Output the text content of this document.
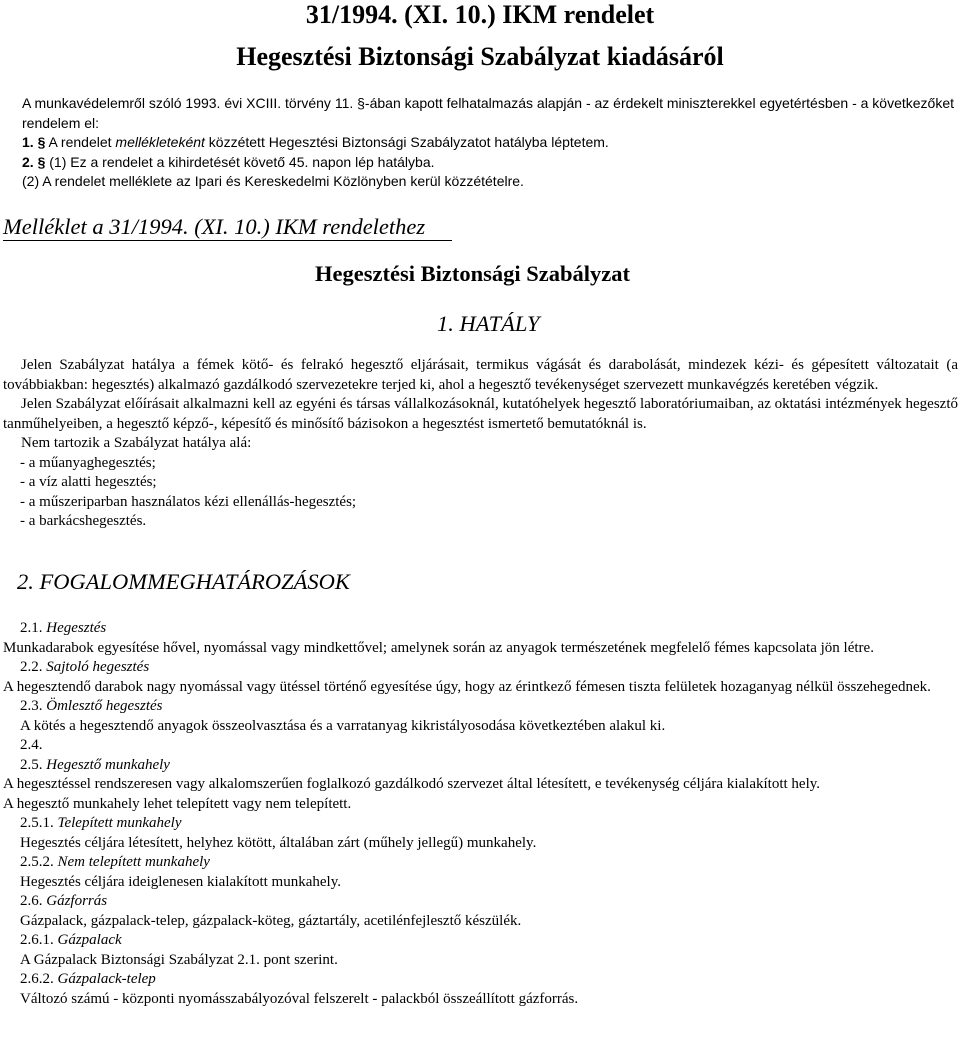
31/1994. (XI. 10.) IKM rendelet
Hegesztési Biztonsági Szabályzat kiadásáról

A munkavédelemről szóló 1993. évi XCIII. törvény 11. §-ában kapott felhatalmazás alapján - az érdekelt miniszterekkel egyetértésben - a következőket rendelem el:

1. § A rendelet mellékleteként közzétett Hegesztési Biztonsági Szabályzatot hatályba léptetem.

2. § (1) Ez a rendelet a kihirdetését követő 45. napon lép hatályba.

(2) A rendelet melléklete az Ipari és Kereskedelmi Közlönyben kerül közzétételre.

Melléklet a 31/1994. (XI. 10.) IKM rendelethez
Hegesztési Biztonsági Szabályzat
1. HATÁLY

Jelen Szabályzat hatálya a fémek kötő- és felrakó hegesztő eljárásait, termikus vágását és darabolását, mindezek kézi- és gépesített változatait (a továbbiakban: hegesztés) alkalmazó gazdálkodó szervezetekre terjed ki, ahol a hegesztő tevékenységet szervezett munkavégzés keretében végzik.

Jelen Szabályzat előírásait alkalmazni kell az egyéni és társas vállalkozásoknál, kutatóhelyek hegesztő laboratóriumaiban, az oktatási intézmények hegesztő tanműhelyeiben, a hegesztő képző-, képesítő és minősítő bázisokon a hegesztést ismertető bemutatóknál is.

Nem tartozik a Szabályzat hatálya alá:

- a műanyaghegesztés;
- a víz alatti hegesztés;
- a műszeriparban használatos kézi ellenállás-hegesztés;
- a barkácshegesztés.
2. FOGALOMMEGHATÁROZÁSOK

2.1. Hegesztés

Munkadarabok egyesítése hővel, nyomással vagy mindkettővel; amelynek során az anyagok természetének megfelelő fémes kapcsolata jön létre.

2.2. Sajtoló hegesztés

A hegesztendő darabok nagy nyomással vagy ütéssel történő egyesítése úgy, hogy az érintkező fémesen tiszta felületek hozaganyag nélkül összehegednek.

2.3. Ömlesztő hegesztés

A kötés a hegesztendő anyagok összeolvasztása és a varratanyag kikristályosodása következtében alakul ki.

2.4.

2.5. Hegesztő munkahely

A hegesztéssel rendszeresen vagy alkalomszerűen foglalkozó gazdálkodó szervezet által létesített, e tevékenység céljára kialakított hely.

A hegesztő munkahely lehet telepített vagy nem telepített.

2.5.1. Telepített munkahely

Hegesztés céljára létesített, helyhez kötött, általában zárt (műhely jellegű) munkahely.

2.5.2. Nem telepített munkahely

Hegesztés céljára ideiglenesen kialakított munkahely.

2.6. Gázforrás

Gázpalack, gázpalack-telep, gázpalack-köteg, gáztartály, acetilénfejlesztő készülék.

2.6.1. Gázpalack

A Gázpalack Biztonsági Szabályzat 2.1. pont szerint.

2.6.2. Gázpalack-telep

Változó számú - központi nyomásszabályozóval felszerelt - palackból összeállított gázforrás.
